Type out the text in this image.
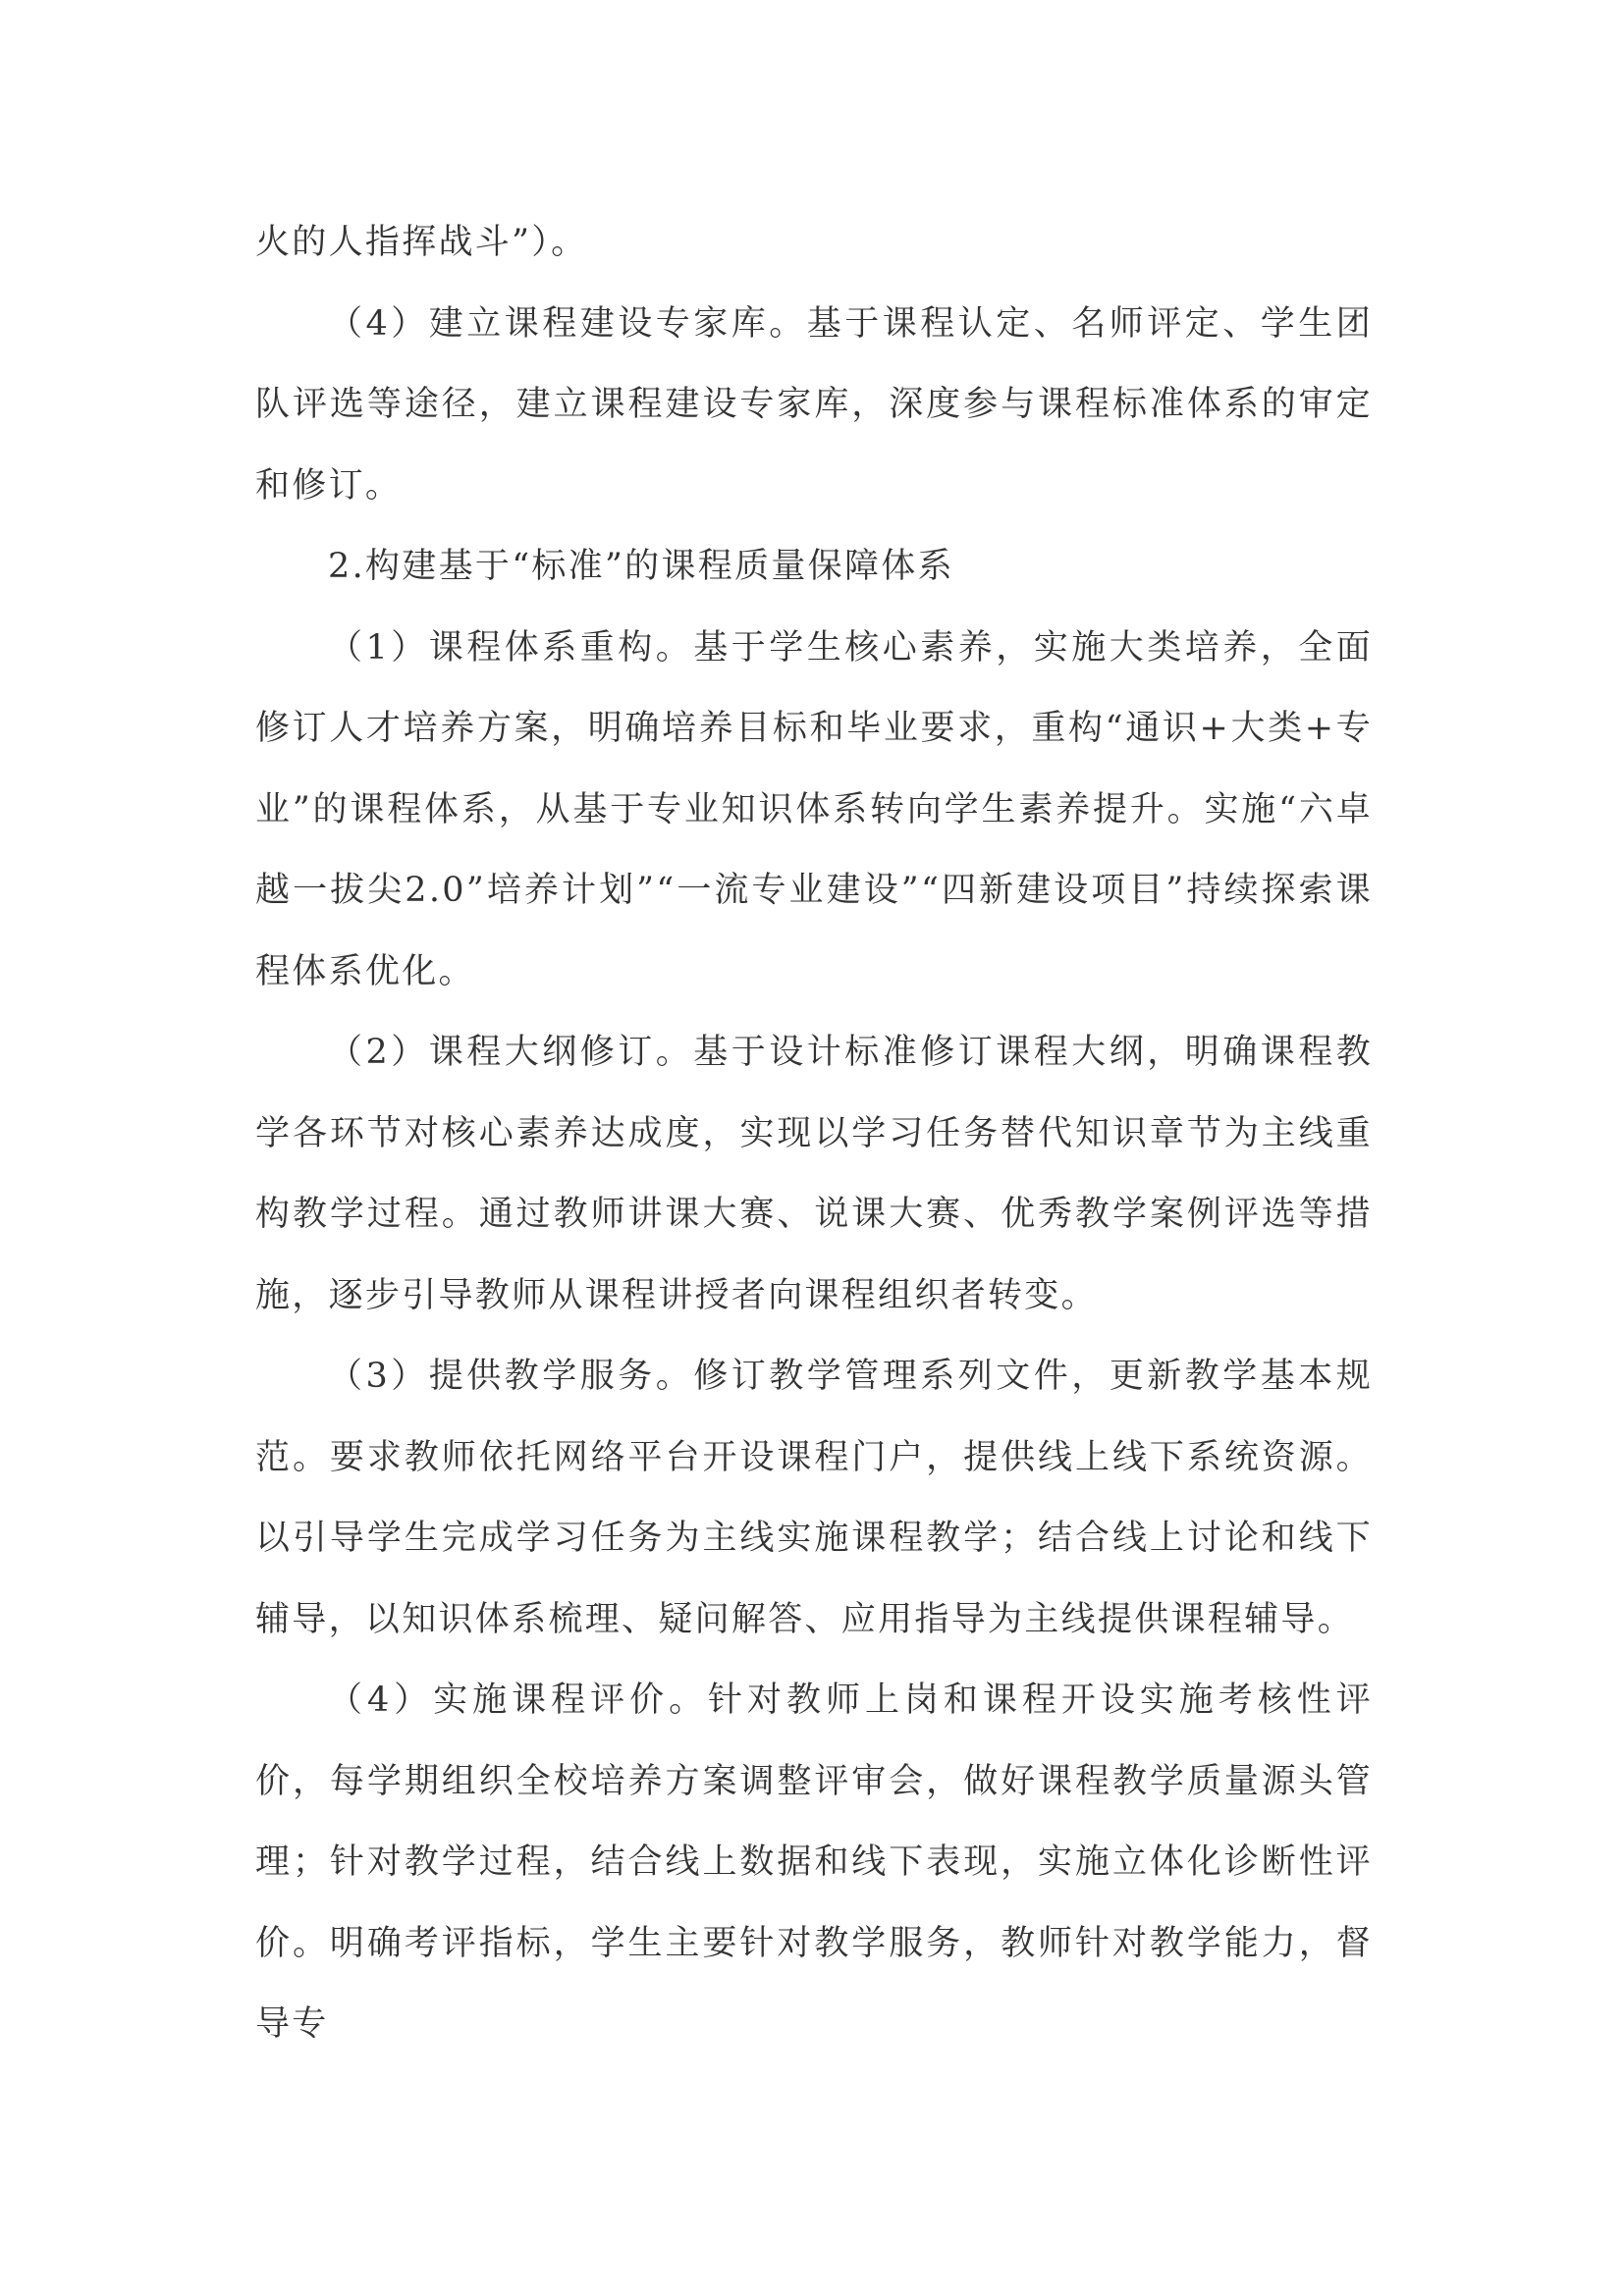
火的人指挥战斗”）。

（4）建立课程建设专家库。基于课程认定、名师评定、学生团队评选等途径，建立课程建设专家库，深度参与课程标准体系的审定和修订。

2.构建基于“标准”的课程质量保障体系

（1）课程体系重构。基于学生核心素养，实施大类培养，全面修订人才培养方案，明确培养目标和毕业要求，重构“通识+大类+专业”的课程体系，从基于专业知识体系转向学生素养提升。实施“六卓越一拔尖2.0”培养计划”“一流专业建设”“四新建设项目”持续探索课程体系优化。

（2）课程大纲修订。基于设计标准修订课程大纲，明确课程教学各环节对核心素养达成度，实现以学习任务替代知识章节为主线重构教学过程。通过教师讲课大赛、说课大赛、优秀教学案例评选等措施，逐步引导教师从课程讲授者向课程组织者转变。

（3）提供教学服务。修订教学管理系列文件，更新教学基本规范。要求教师依托网络平台开设课程门户，提供线上线下系统资源。以引导学生完成学习任务为主线实施课程教学；结合线上讨论和线下辅导，以知识体系梳理、疑问解答、应用指导为主线提供课程辅导。

（4）实施课程评价。针对教师上岗和课程开设实施考核性评价，每学期组织全校培养方案调整评审会，做好课程教学质量源头管理；针对教学过程，结合线上数据和线下表现，实施立体化诊断性评价。明确考评指标，学生主要针对教学服务，教师针对教学能力，督导专
